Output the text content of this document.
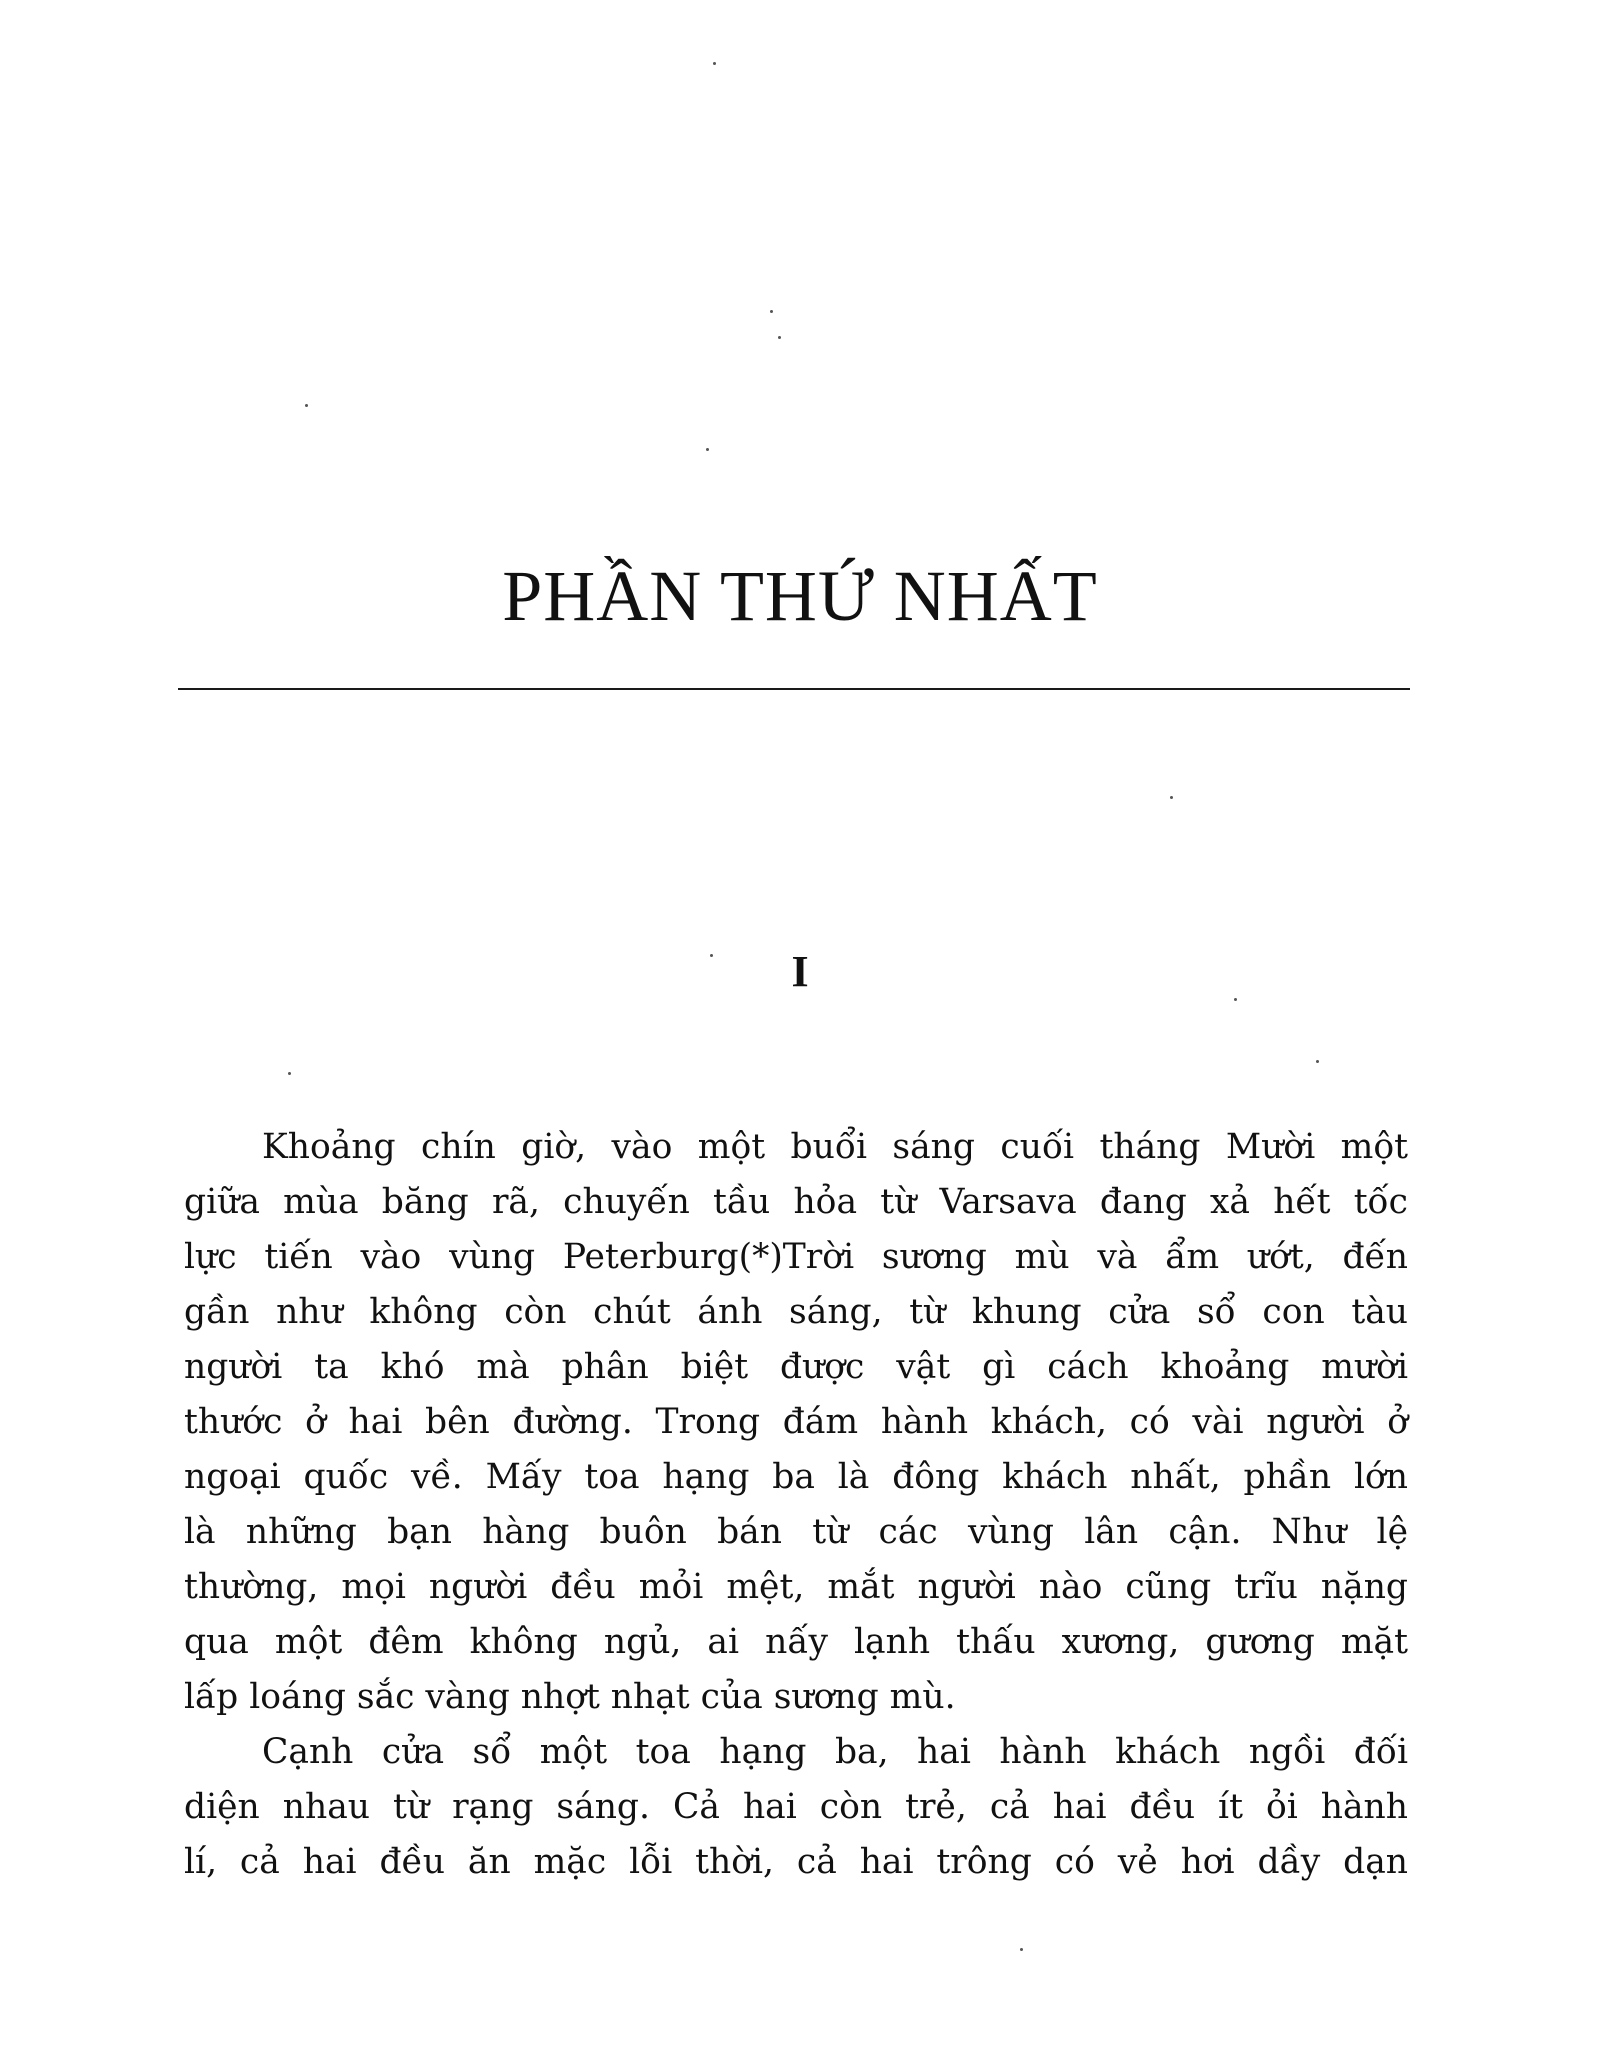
PHẦN THỨ NHẤT
I
Khoảng chín giờ, vào một buổi sáng cuối tháng Mười một
giữa mùa băng rã, chuyến tầu hỏa từ Varsava đang xả hết tốc
lực tiến vào vùng Peterburg(*)Trời sương mù và ẩm ướt, đến
gần như không còn chút ánh sáng, từ khung cửa sổ con tàu
người ta khó mà phân biệt được vật gì cách khoảng mười
thước ở hai bên đường. Trong đám hành khách, có vài người ở
ngoại quốc về. Mấy toa hạng ba là đông khách nhất, phần lớn
là những bạn hàng buôn bán từ các vùng lân cận. Như lệ
thường, mọi người đều mỏi mệt, mắt người nào cũng trĩu nặng
qua một đêm không ngủ, ai nấy lạnh thấu xương, gương mặt
lấp loáng sắc vàng nhợt nhạt của sương mù.
Cạnh cửa sổ một toa hạng ba, hai hành khách ngồi đối
diện nhau từ rạng sáng. Cả hai còn trẻ, cả hai đều ít ỏi hành
lí, cả hai đều ăn mặc lỗi thời, cả hai trông có vẻ hơi dầy dạn
